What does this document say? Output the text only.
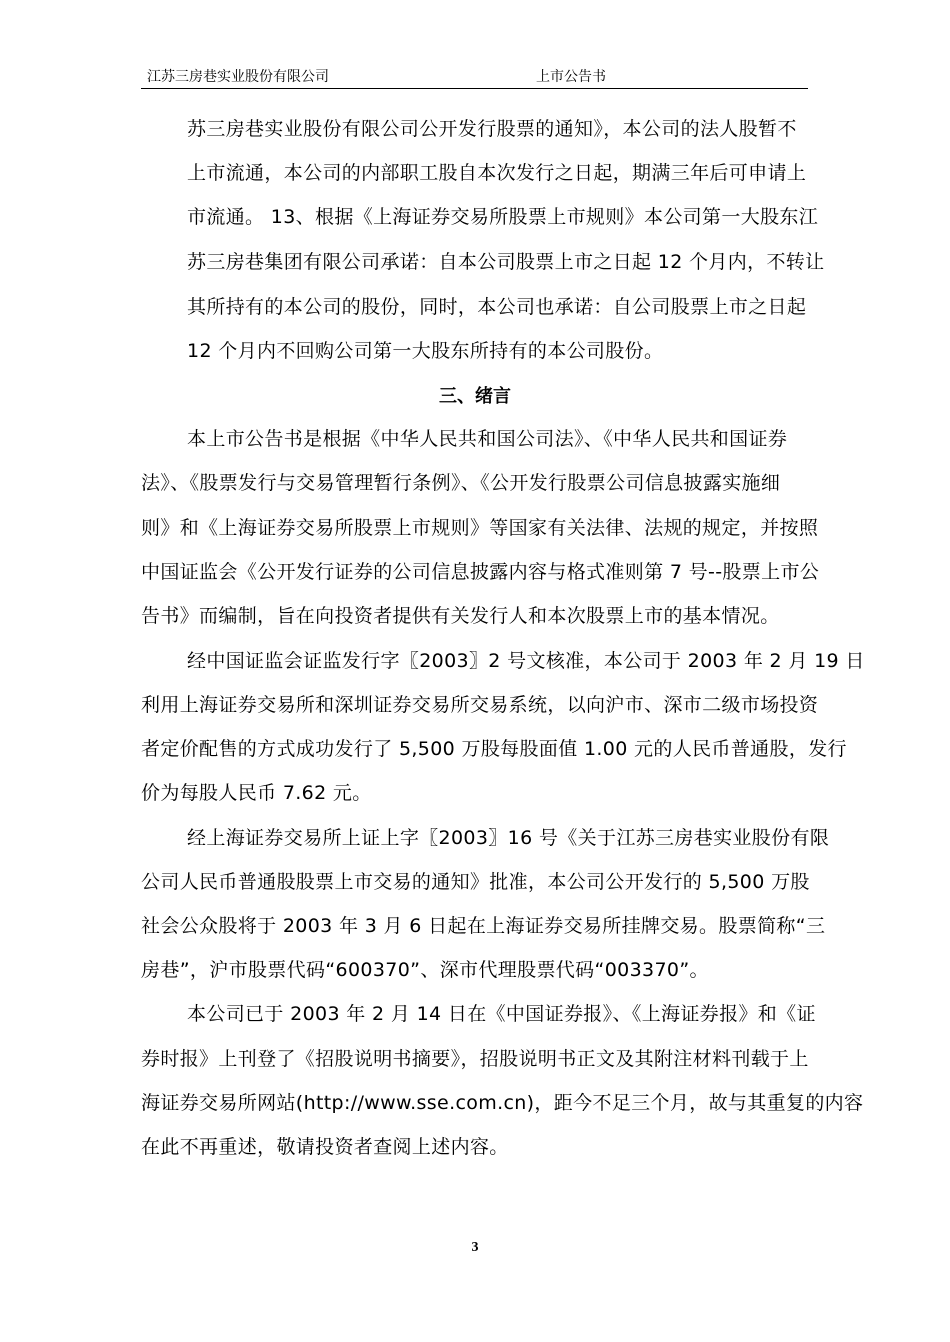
江苏三房巷实业股份有限公司	上市公告书
苏三房巷实业股份有限公司公开发行股票的通知》，本公司的法人股暂不
上市流通，本公司的内部职工股自本次发行之日起，期满三年后可申请上
市流通。 13、根据《上海证券交易所股票上市规则》本公司第一大股东江
苏三房巷集团有限公司承诺：自本公司股票上市之日起 12 个月内，不转让
其所持有的本公司的股份，同时，本公司也承诺：自公司股票上市之日起
12 个月内不回购公司第一大股东所持有的本公司股份。
三、绪言
本上市公告书是根据《中华人民共和国公司法》、《中华人民共和国证券
法》、《股票发行与交易管理暂行条例》、《公开发行股票公司信息披露实施细
则》和《上海证券交易所股票上市规则》等国家有关法律、法规的规定，并按照
中国证监会《公开发行证券的公司信息披露内容与格式准则第 7 号--股票上市公
告书》而编制，旨在向投资者提供有关发行人和本次股票上市的基本情况。
经中国证监会证监发行字〖2003〗2 号文核准，本公司于 2003 年 2 月 19 日
利用上海证券交易所和深圳证券交易所交易系统，以向沪市、深市二级市场投资
者定价配售的方式成功发行了 5,500 万股每股面值 1.00 元的人民币普通股，发行
价为每股人民币 7.62 元。
经上海证券交易所上证上字〖2003〗16 号《关于江苏三房巷实业股份有限
公司人民币普通股股票上市交易的通知》批准，本公司公开发行的 5,500 万股
社会公众股将于 2003 年 3 月 6 日起在上海证券交易所挂牌交易。股票简称“三
房巷”，沪市股票代码“600370”、深市代理股票代码“003370”。
本公司已于 2003 年 2 月 14 日在《中国证券报》、《上海证券报》和《证
券时报》上刊登了《招股说明书摘要》，招股说明书正文及其附注材料刊载于上
海证券交易所网站(http://www.sse.com.cn)，距今不足三个月，故与其重复的内容
在此不再重述，敬请投资者查阅上述内容。
3
